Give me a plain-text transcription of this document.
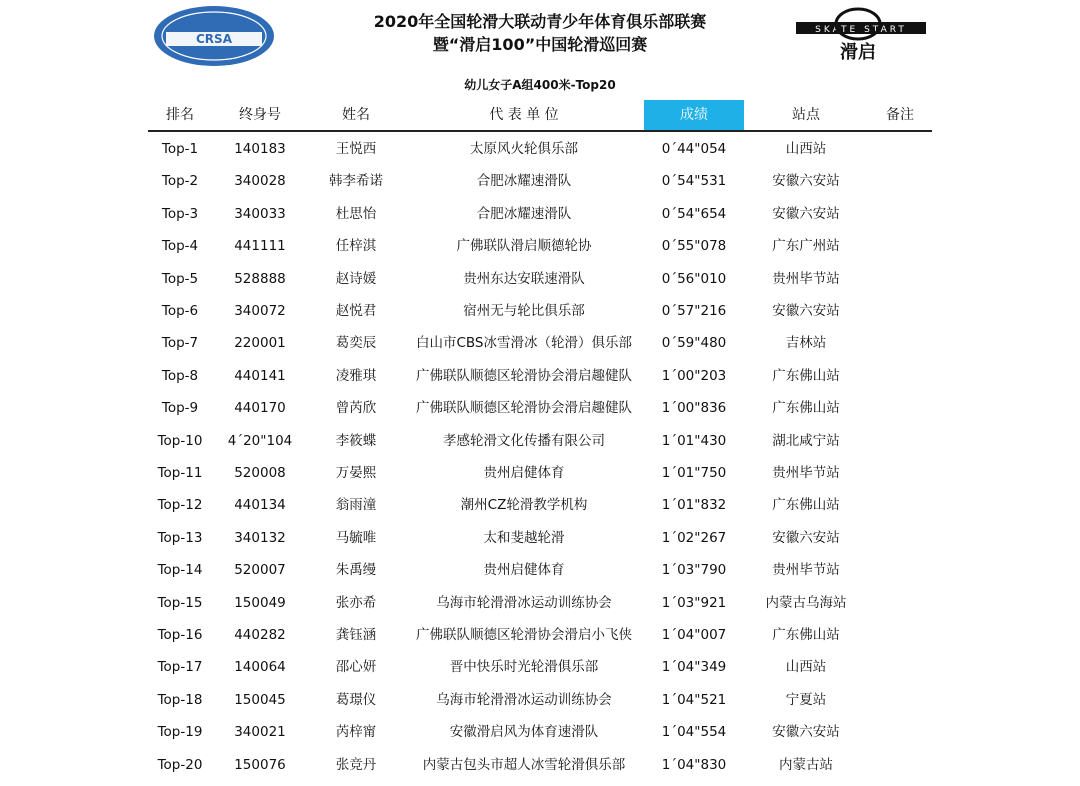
CRSA
2020年全国轮滑大联动青少年体育俱乐部联赛
暨“滑启100”中国轮滑巡回赛
SKATE START
滑启
幼儿女子A组400米-Top20
排名	终身号	姓名	代 表 单 位	成绩	站点	备注
Top-1	140183	王悦西	太原风火轮俱乐部	0´44"054	山西站
Top-2	340028	韩李希诺	合肥冰耀速滑队	0´54"531	安徽六安站
Top-3	340033	杜思怡	合肥冰耀速滑队	0´54"654	安徽六安站
Top-4	441111	任梓淇	广佛联队滑启顺德轮协	0´55"078	广东广州站
Top-5	528888	赵诗媛	贵州东达安联速滑队	0´56"010	贵州毕节站
Top-6	340072	赵悦君	宿州无与轮比俱乐部	0´57"216	安徽六安站
Top-7	220001	葛奕辰	白山市CBS冰雪滑冰（轮滑）俱乐部	0´59"480	吉林站
Top-8	440141	凌雅琪	广佛联队顺德区轮滑协会滑启趣健队	1´00"203	广东佛山站
Top-9	440170	曾芮欣	广佛联队顺德区轮滑协会滑启趣健队	1´00"836	广东佛山站
Top-10	4´20"104	李筱蝶	孝感轮滑文化传播有限公司	1´01"430	湖北咸宁站
Top-11	520008	万晏熙	贵州启健体育	1´01"750	贵州毕节站
Top-12	440134	翁雨潼	潮州CZ轮滑教学机构	1´01"832	广东佛山站
Top-13	340132	马毓唯	太和斐越轮滑	1´02"267	安徽六安站
Top-14	520007	朱禹缦	贵州启健体育	1´03"790	贵州毕节站
Top-15	150049	张亦希	乌海市轮滑滑冰运动训练协会	1´03"921	内蒙古乌海站
Top-16	440282	龚钰涵	广佛联队顺德区轮滑协会滑启小飞侠	1´04"007	广东佛山站
Top-17	140064	邵心妍	晋中快乐时光轮滑俱乐部	1´04"349	山西站
Top-18	150045	葛璟仪	乌海市轮滑滑冰运动训练协会	1´04"521	宁夏站
Top-19	340021	芮梓甯	安徽滑启风为体育速滑队	1´04"554	安徽六安站
Top-20	150076	张竞丹	内蒙古包头市超人冰雪轮滑俱乐部	1´04"830	内蒙古站
